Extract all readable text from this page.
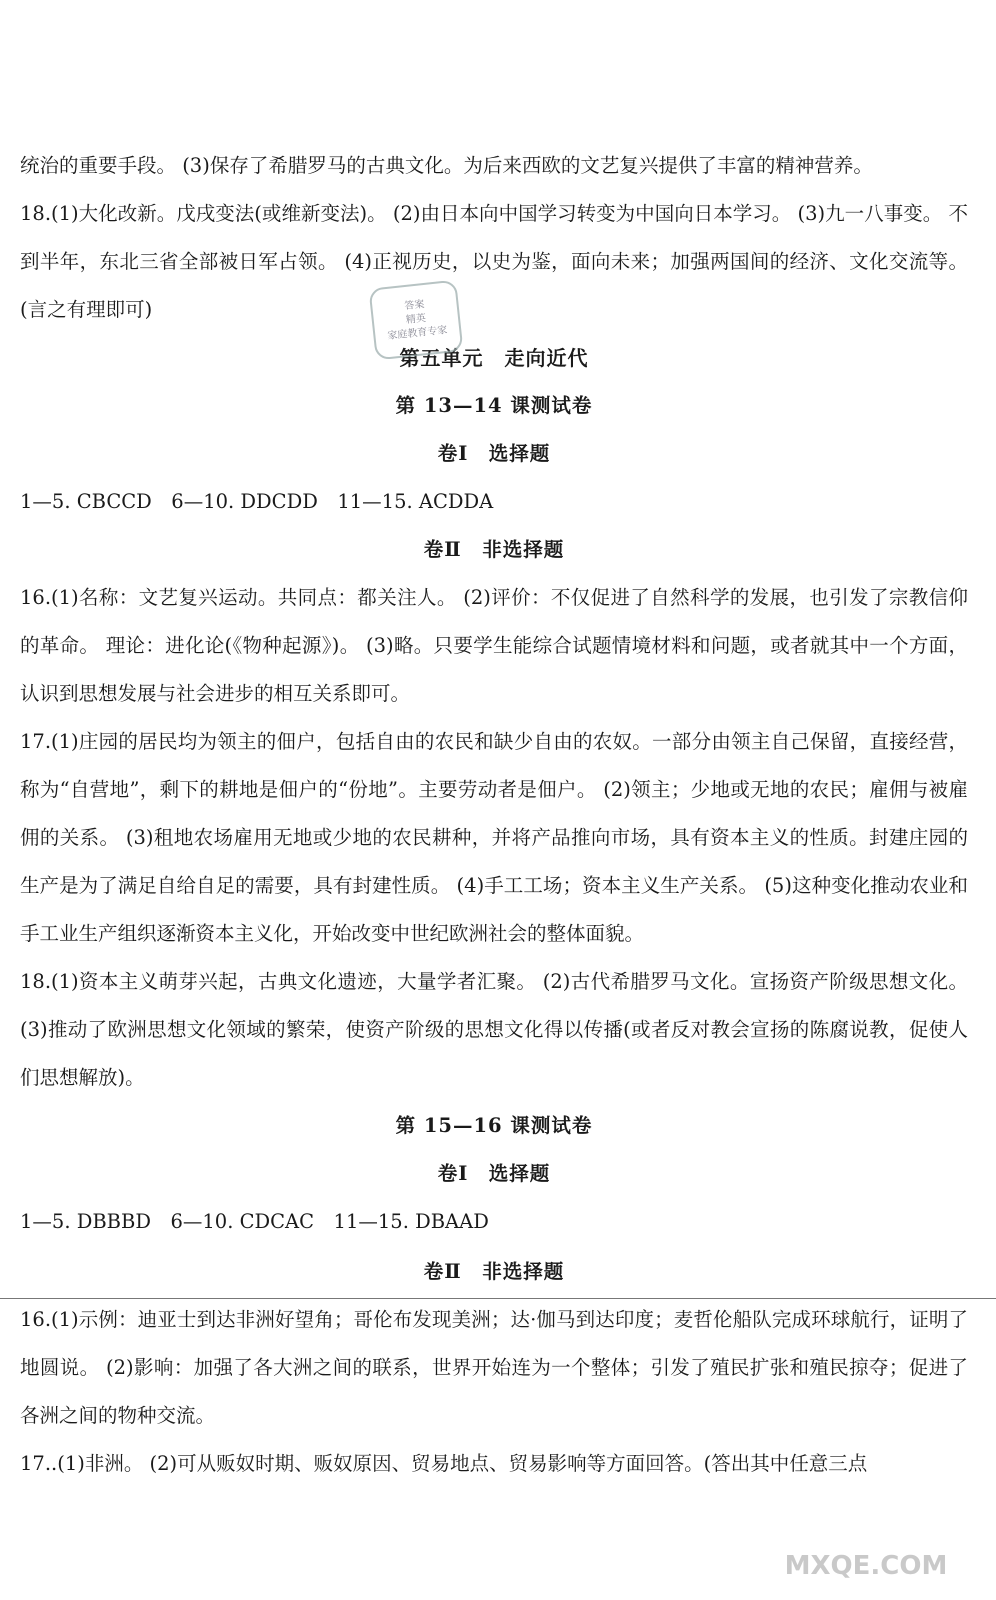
统治的重要手段。 (3)保存了希腊罗马的古典文化。为后来西欧的文艺复兴提供了丰富的精神营养。

18.(1)大化改新。戊戌变法(或维新变法)。 (2)由日本向中国学习转变为中国向日本学习。 (3)九一八事变。 不到半年，东北三省全部被日军占领。 (4)正视历史，以史为鉴，面向未来；加强两国间的经济、文化交流等。(言之有理即可)

第五单元　走向近代

第 13—14 课测试卷

卷Ⅰ　选择题

1—5. CBCCD　6—10. DDCDD　11—15. ACDDA

卷Ⅱ　非选择题

16.(1)名称：文艺复兴运动。共同点：都关注人。 (2)评价：不仅促进了自然科学的发展，也引发了宗教信仰的革命。 理论：进化论(《物种起源》)。 (3)略。只要学生能综合试题情境材料和问题，或者就其中一个方面，认识到思想发展与社会进步的相互关系即可。

17.(1)庄园的居民均为领主的佃户，包括自由的农民和缺少自由的农奴。一部分由领主自己保留，直接经营，称为“自营地”，剩下的耕地是佃户的“份地”。主要劳动者是佃户。 (2)领主；少地或无地的农民；雇佣与被雇佣的关系。 (3)租地农场雇用无地或少地的农民耕种，并将产品推向市场，具有资本主义的性质。封建庄园的生产是为了满足自给自足的需要，具有封建性质。 (4)手工工场；资本主义生产关系。 (5)这种变化推动农业和手工业生产组织逐渐资本主义化，开始改变中世纪欧洲社会的整体面貌。

18.(1)资本主义萌芽兴起，古典文化遗迹，大量学者汇聚。 (2)古代希腊罗马文化。宣扬资产阶级思想文化。 (3)推动了欧洲思想文化领域的繁荣，使资产阶级的思想文化得以传播(或者反对教会宣扬的陈腐说教，促使人们思想解放)。

第 15—16 课测试卷

卷Ⅰ　选择题

1—5. DBBBD　6—10. CDCAC　11—15. DBAAD

卷Ⅱ　非选择题

16.(1)示例：迪亚士到达非洲好望角；哥伦布发现美洲；达·伽马到达印度；麦哲伦船队完成环球航行，证明了地圆说。 (2)影响：加强了各大洲之间的联系，世界开始连为一个整体；引发了殖民扩张和殖民掠夺；促进了各洲之间的物种交流。

17..(1)非洲。 (2)可从贩奴时期、贩奴原因、贸易地点、贸易影响等方面回答。(答出其中任意三点

答案
精英
家庭教育专家
MXQE.COM
